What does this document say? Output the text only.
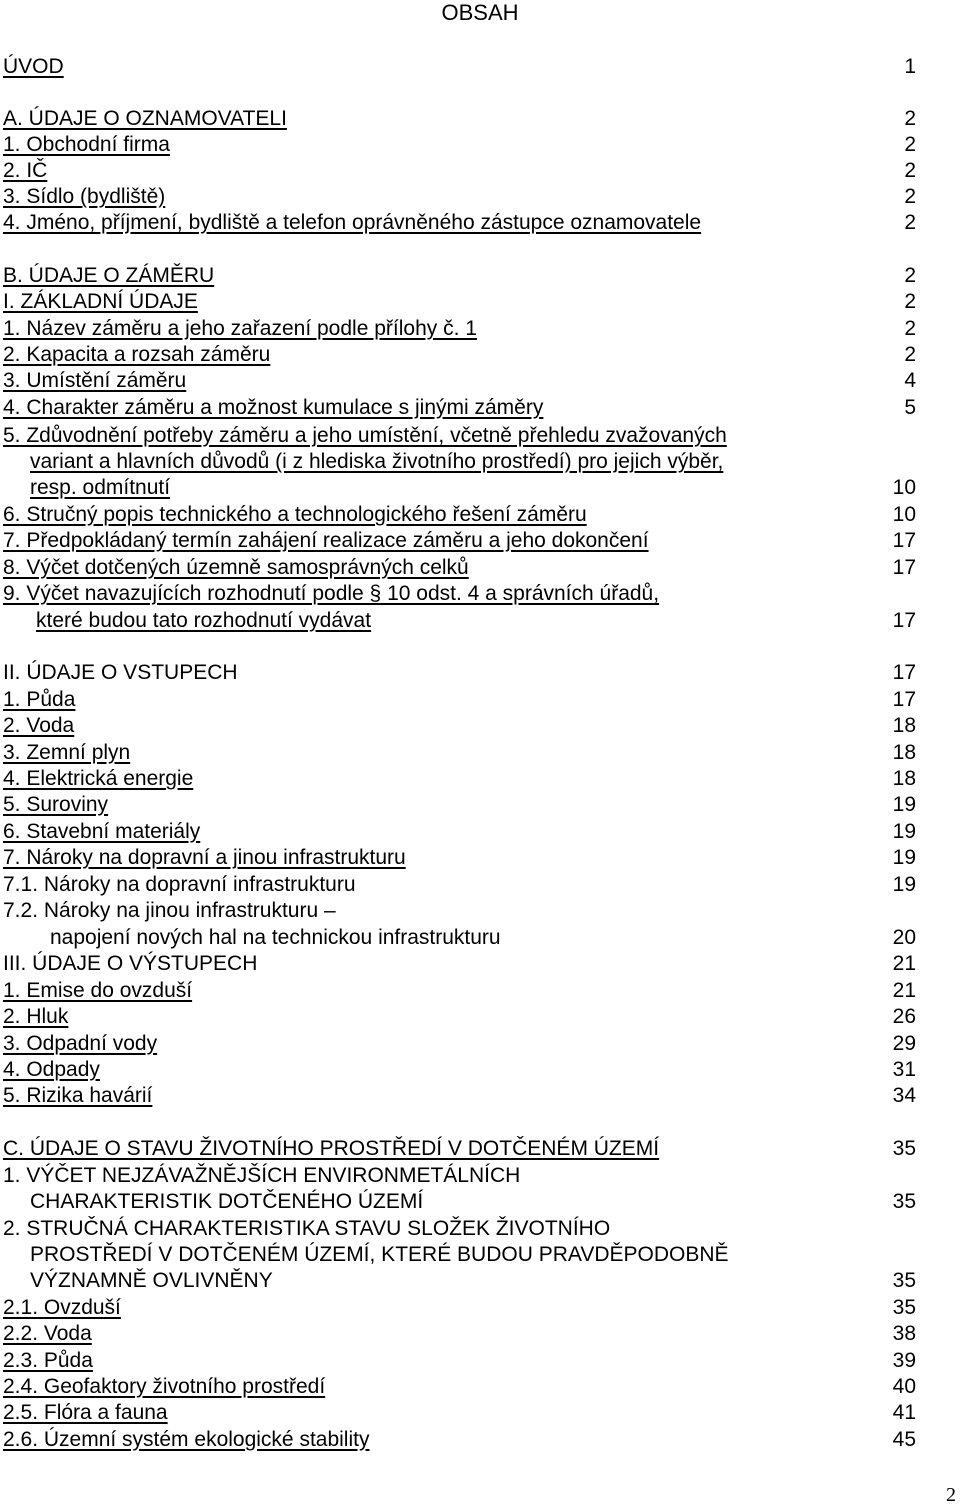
OBSAH
ÚVOD	1
A. ÚDAJE O OZNAMOVATELI	2
1. Obchodní firma	2
2. IČ	2
3. Sídlo (bydliště)	2
4. Jméno, příjmení, bydliště a telefon oprávněného zástupce oznamovatele	2
B. ÚDAJE O ZÁMĚRU	2
I. ZÁKLADNÍ ÚDAJE	2
1. Název záměru a jeho zařazení podle přílohy č. 1	2
2. Kapacita a rozsah záměru	2
3. Umístění záměru	4
4. Charakter záměru a možnost kumulace s jinými záměry	5
5. Zdůvodnění potřeby záměru a jeho umístění, včetně přehledu zvažovaných
variant a hlavních důvodů (i z hlediska životního prostředí) pro jejich výběr,
resp. odmítnutí	10
6. Stručný popis technického a technologického řešení záměru	10
7. Předpokládaný termín zahájení realizace záměru a jeho dokončení	17
8. Výčet dotčených územně samosprávných celků	17
9. Výčet navazujících rozhodnutí podle § 10 odst. 4 a správních úřadů,
které budou tato rozhodnutí vydávat	17
II. ÚDAJE O VSTUPECH	17
1. Půda	17
2. Voda	18
3. Zemní plyn	18
4. Elektrická energie	18
5. Suroviny	19
6. Stavební materiály	19
7. Nároky na dopravní a jinou infrastrukturu	19
7.1. Nároky na dopravní infrastrukturu	19
7.2. Nároky na jinou infrastrukturu –
napojení nových hal na technickou infrastrukturu	20
III. ÚDAJE O VÝSTUPECH	21
1. Emise do ovzduší	21
2. Hluk	26
3. Odpadní vody	29
4. Odpady	31
5. Rizika havárií	34
C. ÚDAJE O STAVU ŽIVOTNÍHO PROSTŘEDÍ V DOTČENÉM ÚZEMÍ	35
1. VÝČET NEJZÁVAŽNĚJŠÍCH ENVIRONMETÁLNÍCH
CHARAKTERISTIK DOTČENÉHO ÚZEMÍ	35
2. STRUČNÁ CHARAKTERISTIKA STAVU SLOŽEK ŽIVOTNÍHO
PROSTŘEDÍ V DOTČENÉM ÚZEMÍ, KTERÉ BUDOU PRAVDĚPODOBNĚ
VÝZNAMNĚ OVLIVNĚNY	35
2.1. Ovzduší	35
2.2. Voda	38
2.3. Půda	39
2.4. Geofaktory životního prostředí	40
2.5. Flóra a fauna	41
2.6. Územní systém ekologické stability	45
2
